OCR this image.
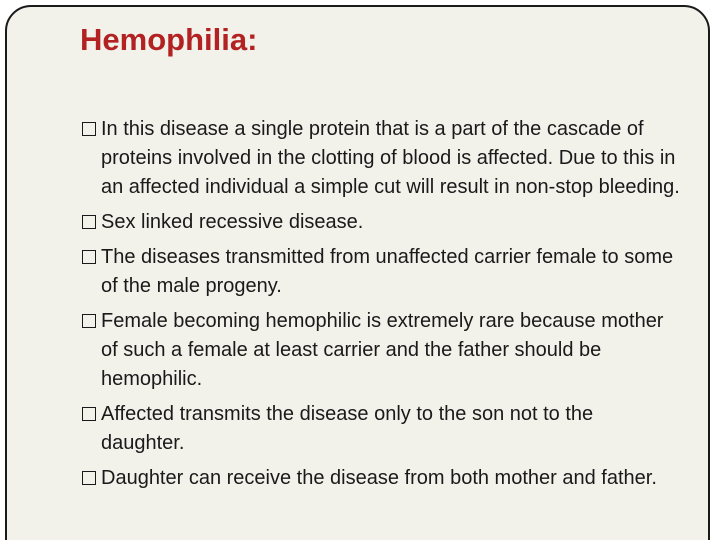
Hemophilia:
In this disease a single protein that is a part of the cascade of proteins involved in the clotting of blood is affected. Due to this in an affected individual a simple cut will result in non-stop bleeding.
Sex linked recessive disease.
The diseases transmitted from unaffected carrier female to some of the male progeny.
Female becoming hemophilic is extremely rare because mother of such a female at least carrier and the father should be hemophilic.
Affected transmits the disease only to the son not to the daughter.
Daughter can receive the disease from both mother and father.
